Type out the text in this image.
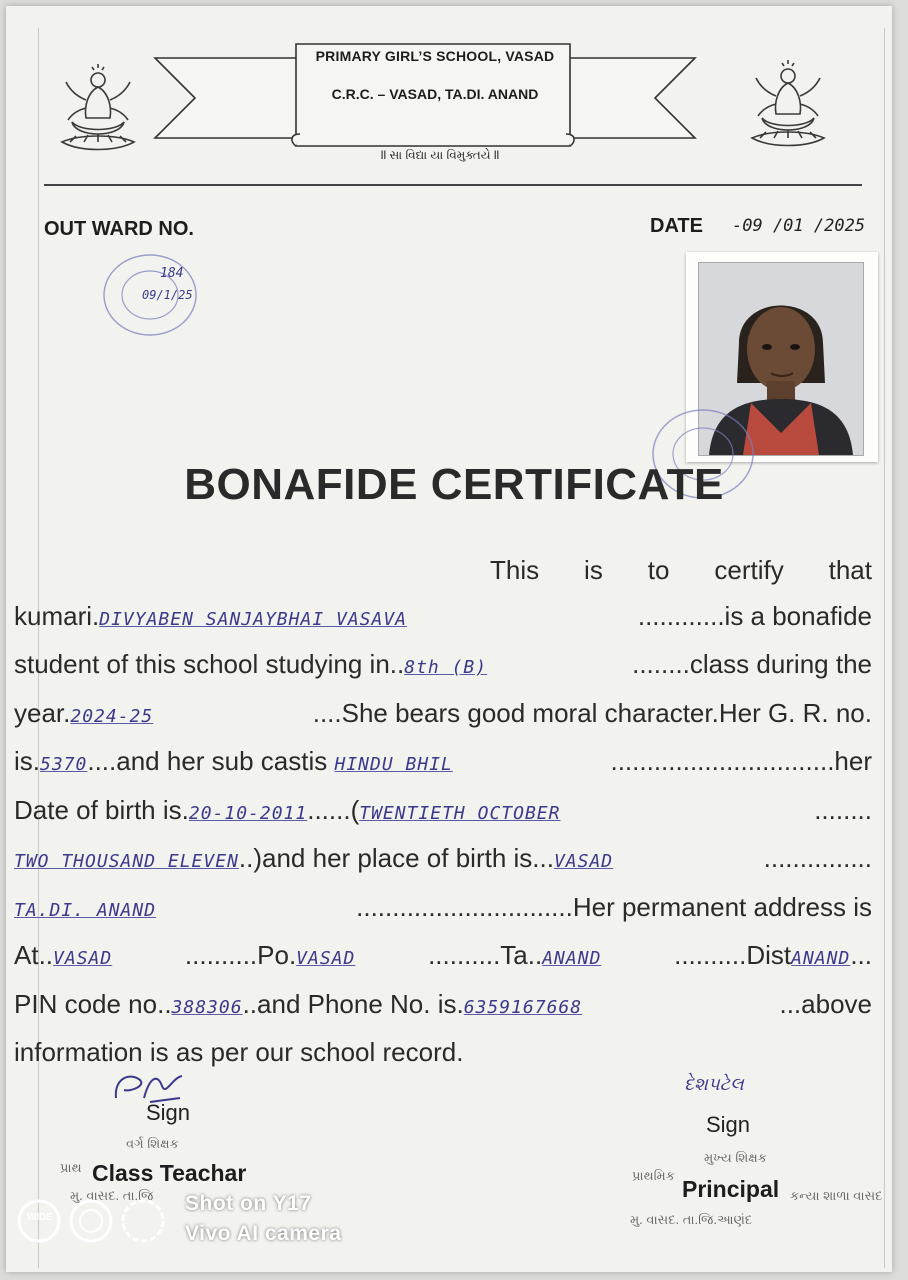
PRIMARY GIRL’S SCHOOL, VASAD
C.R.C. – VASAD, TA.DI. ANAND
ll સા વિદ્યા યા વિમુક્તયે ll
OUT WARD NO.	DATE -09 /01 /2025
184
09/1/25
BONAFIDE CERTIFICATE
This is to certify that
kumari.DIVYABEN SANJAYBHAI VASAVA	............is a bonafide
student of this school studying in..8th (B)	........class during the
year.2024-25	....She bears good moral character.Her G. R. no.
is.5370....and her sub castis HINDU BHIL	...............................her
Date of birth is.20-10-2011......(TWENTIETH OCTOBER	........
TWO THOUSAND ELEVEN..)and her place of birth is...VASAD	...............
TA.DI. ANAND	..............................Her permanent address is
At..VASAD	..........Po.VASAD	..........Ta..ANAND	..........DistANAND...
PIN code no..388306..and Phone No. is.6359167668	...above
information is as per our school record.
Sign
વર્ગ શિક્ષક
પ્રાથ Class Teachar
મુ. વાસદ. તા.જિ
દેશપટેલ
Sign
મુખ્ય શિક્ષક
પ્રાથમિક
Principal કન્યા શાળા વાસદ
મુ. વાસદ. તા.જિ.આણંદ
WIDE
Shot on Y17
Vivo AI camera
